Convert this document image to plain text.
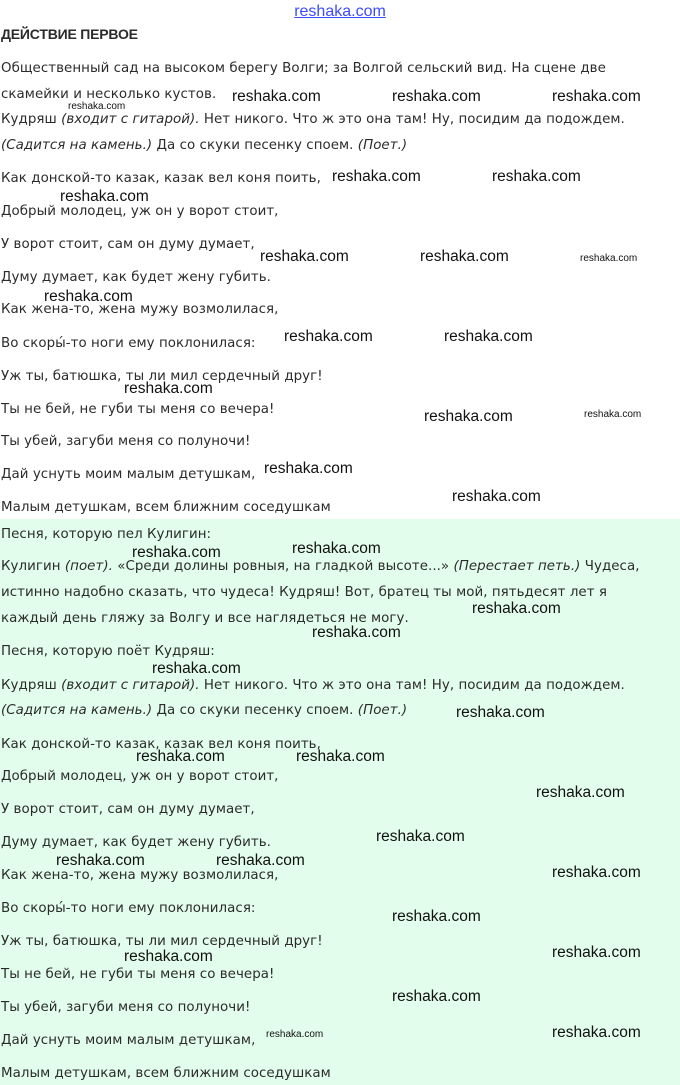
reshaka.com
ДЕЙСТВИЕ ПЕРВОЕ
Общественный сад на высоком берегу Волги; за Волгой сельский вид. На сцене две
скамейки и несколько кустов.
Кудряш (входит с гитарой). Нет никого. Что ж это она там! Ну, посидим да подождем.
(Садится на камень.) Да со скуки песенку споем. (Поет.)
Как донской-то казак, казак вел коня поить,
Добрый молодец, уж он у ворот стоит,
У ворот стоит, сам он думу думает,
Думу думает, как будет жену губить.
Как жена-то, жена мужу возмолилася,
Во скоры́-то ноги ему поклонилася:
Уж ты, батюшка, ты ли мил сердечный друг!
Ты не бей, не губи ты меня со вечера!
Ты убей, загуби меня со полуночи!
Дай уснуть моим малым детушкам,
Малым детушкам, всем ближним соседушкам
Песня, которую пел Кулигин:
Кулигин (поет). «Среди долины ровныя, на гладкой высоте...» (Перестает петь.) Чудеса,
истинно надобно сказать, что чудеса! Кудряш! Вот, братец ты мой, пятьдесят лет я
каждый день гляжу за Волгу и все наглядеться не могу.
Песня, которую поёт Кудряш:
Кудряш (входит с гитарой). Нет никого. Что ж это она там! Ну, посидим да подождем.
(Садится на камень.) Да со скуки песенку споем. (Поет.)
Как донской-то казак, казак вел коня поить,
Добрый молодец, уж он у ворот стоит,
У ворот стоит, сам он думу думает,
Думу думает, как будет жену губить.
Как жена-то, жена мужу возмолилася,
Во скоры́-то ноги ему поклонилася:
Уж ты, батюшка, ты ли мил сердечный друг!
Ты не бей, не губи ты меня со вечера!
Ты убей, загуби меня со полуночи!
Дай уснуть моим малым детушкам,
Малым детушкам, всем ближним соседушкам
reshaka.com
reshaka.com	reshaka.com	reshaka.com
reshaka.com	reshaka.com
reshaka.com
reshaka.com	reshaka.com	reshaka.com
reshaka.com
reshaka.com	reshaka.com
reshaka.com
reshaka.com	reshaka.com
reshaka.com
reshaka.com
reshaka.com
reshaka.com
reshaka.com
reshaka.com
reshaka.com
reshaka.com
reshaka.com	reshaka.com
reshaka.com
reshaka.com
reshaka.com	reshaka.com
reshaka.com
reshaka.com
reshaka.com	reshaka.com
reshaka.com
reshaka.com	reshaka.com
